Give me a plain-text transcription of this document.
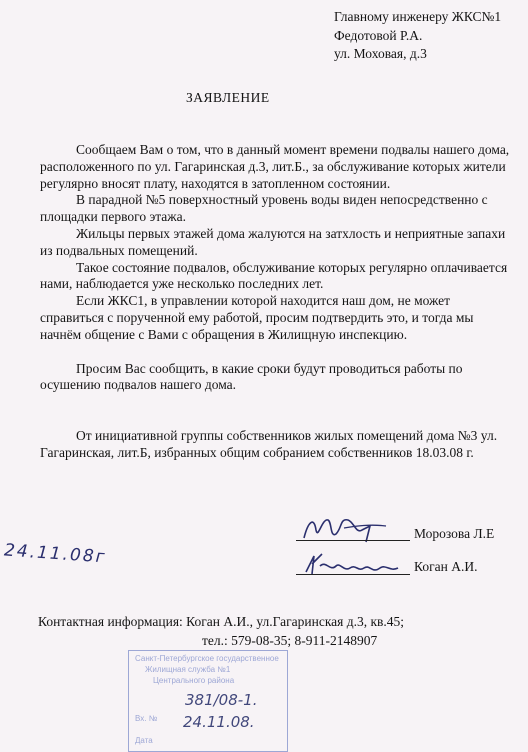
Главному инженеру ЖКС№1
Федотовой Р.А.
ул. Моховая, д.3
ЗАЯВЛЕНИЕ

Сообщаем Вам о том, что в данный момент времени подвалы нашего дома, расположенного по ул. Гагаринская д.3, лит.Б., за обслуживание которых жители регулярно вносят плату, находятся в затопленном состоянии.

В парадной №5 поверхностный уровень воды виден непосредственно с площадки первого этажа.

Жильцы первых этажей дома жалуются на затхлость и неприятные запахи из подвальных помещений.

Такое состояние подвалов, обслуживание которых регулярно оплачивается нами, наблюдается уже несколько последних лет.

Если ЖКС1, в управлении которой находится наш дом, не может справиться с порученной ему работой, просим подтвердить это, и тогда мы начнём общение с Вами с обращения в Жилищную инспекцию.

Просим Вас сообщить, в какие сроки будут проводиться работы по осушению подвалов нашего дома.

От инициативной группы собственников жилых помещений дома №3 ул. Гагаринская, лит.Б, избранных общим собранием собственников 18.03.08 г.

Морозова Л.Е
Коган А.И.
24.11.08г
Контактная информация: Коган А.И., ул.Гагаринская д.3, кв.45;
тел.: 579-08-35; 8-911-2148907
Санкт-Петербургское государственное
Жилищная служба №1
Центрального района
Вх. №
Дата
381/08-1.
24.11.08.
